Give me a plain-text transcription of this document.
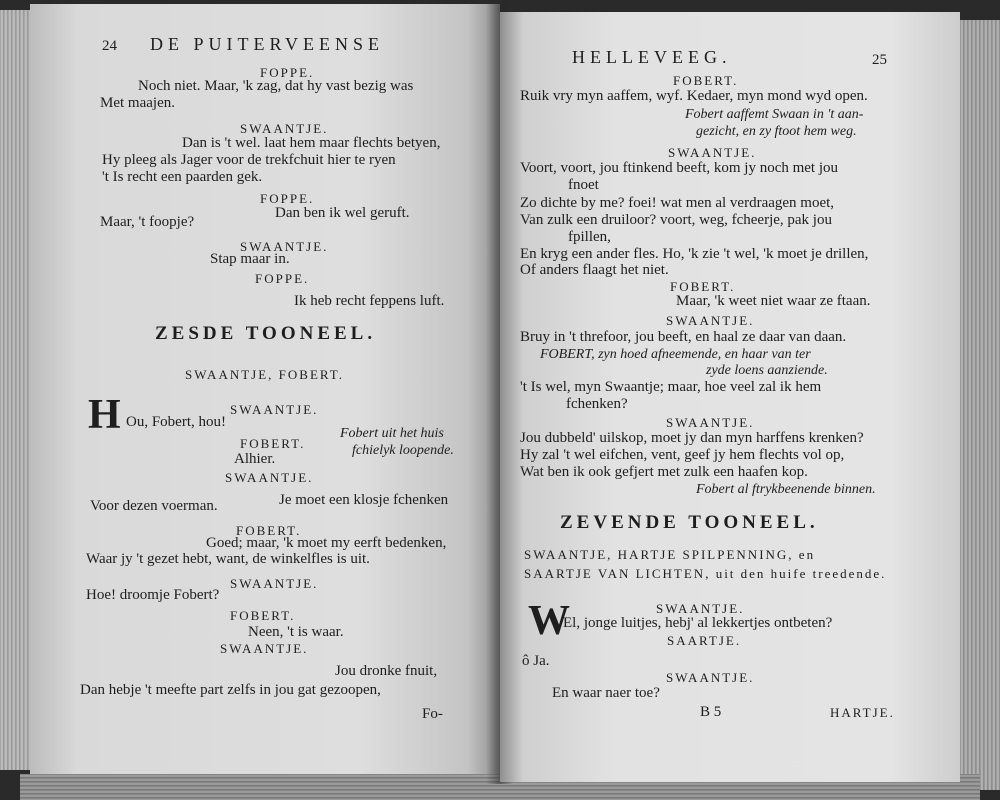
24 DE PUITERVEENSE
FOPPE.
Noch niet. Maar, 'k zag, dat hy vast bezig was
Met maajen.
SWAANTJE.
Dan is 't wel. laat hem maar flechts betyen,
Hy pleeg als Jager voor de trekfchuit hier te ryen
't Is recht een paarden gek.
FOPPE.
Dan ben ik wel geruft.
Maar, 't foopje?
SWAANTJE.
Stap maar in.
FOPPE.
Ik heb recht feppens luft.
ZESDE TOONEEL.
SWAANTJE, FOBERT.
H	SWAANTJE.
Ou, Fobert, hou!
Fobert uit het huis
fchielyk loopende.
FOBERT.
Alhier.
SWAANTJE.
Je moet een klosje fchenken
Voor dezen voerman.
FOBERT.
Goed; maar, 'k moet my eerft bedenken,
Waar jy 't gezet hebt, want, de winkelfles is uit.
SWAANTJE.
Hoe! droomje Fobert?
FOBERT.
Neen, 't is waar.
SWAANTJE.
Jou dronke fnuit,
Dan hebje 't meefte part zelfs in jou gat gezoopen,
Fo-
HELLEVEEG.	25
FOBERT.
Ruik vry myn aaffem, wyf. Kedaer, myn mond wyd open.
Fobert aaffemt Swaan in 't aan-
gezicht, en zy ftoot hem weg.
SWAANTJE.
Voort, voort, jou ftinkend beeft, kom jy noch met jou
fnoet
Zo dichte by me? foei! wat men al verdraagen moet,
Van zulk een druiloor? voort, weg, fcheerje, pak jou
fpillen,
En kryg een ander fles. Ho, 'k zie 't wel, 'k moet je drillen,
Of anders flaagt het niet.
FOBERT.
Maar, 'k weet niet waar ze ftaan.
SWAANTJE.
Bruy in 't threfoor, jou beeft, en haal ze daar van daan.
FOBERT, zyn hoed afneemende, en haar van ter
zyde loens aanziende.
't Is wel, myn Swaantje; maar, hoe veel zal ik hem
fchenken?
SWAANTJE.
Jou dubbeld' uilskop, moet jy dan myn harffens krenken?
Hy zal 't wel eifchen, vent, geef jy hem flechts vol op,
Wat ben ik ook gefjert met zulk een haafen kop.
Fobert al ftrykbeenende binnen.
ZEVENDE TOONEEL.
SWAANTJE, HARTJE SPILPENNING, en
SAARTJE VAN LICHTEN, uit den huife treedende.
W	SWAANTJE.
El, jonge luitjes, hebj' al lekkertjes ontbeten?
SAARTJE.
ô Ja.
SWAANTJE.
En waar naer toe?
B 5	HARTJE.
